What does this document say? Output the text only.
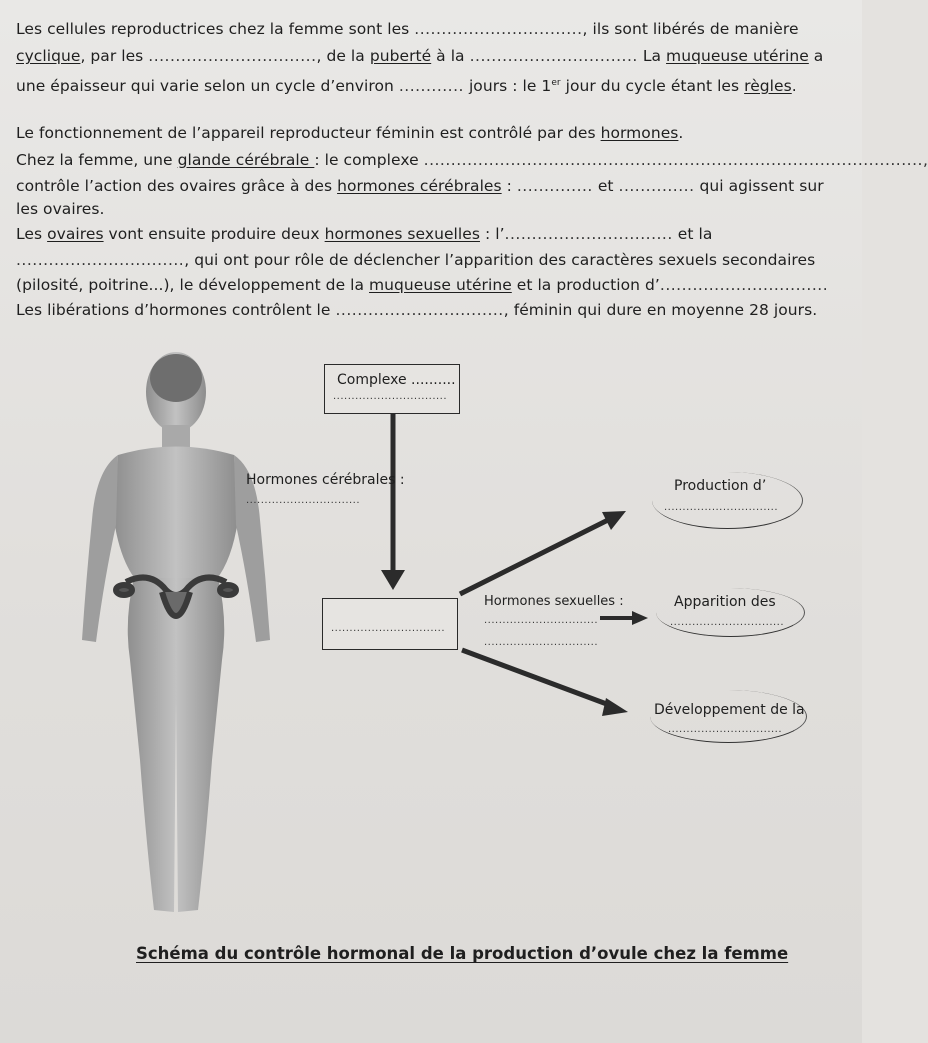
Les cellules reproductrices chez la femme sont les ..............................., ils sont libérés de manière
cyclique, par les ..............................., de la puberté à la ............................... La muqueuse utérine a
une épaisseur qui varie selon un cycle d’environ ............ jours : le 1er jour du cycle étant les règles.
Le fonctionnement de l’appareil reproducteur féminin est contrôlé par des hormones.
Chez la femme, une glande cérébrale : le complexe ............................................................................................,
contrôle l’action des ovaires grâce à des hormones cérébrales : .............. et .............. qui agissent sur
les ovaires.
Les ovaires vont ensuite produire deux hormones sexuelles : l’............................... et la
..............................., qui ont pour rôle de déclencher l’apparition des caractères sexuels secondaires
(pilosité, poitrine...), le développement de la muqueuse utérine et la production d’...............................
Les libérations d’hormones contrôlent le ..............................., féminin qui dure en moyenne 28 jours.
Complexe ..........
...............................
Hormones cérébrales :
...............................
...............................
Hormones sexuelles :
...............................
...............................
Production d’
...............................
Apparition des
...............................
Développement de la
...............................
Schéma du contrôle hormonal de la production d’ovule chez la femme
